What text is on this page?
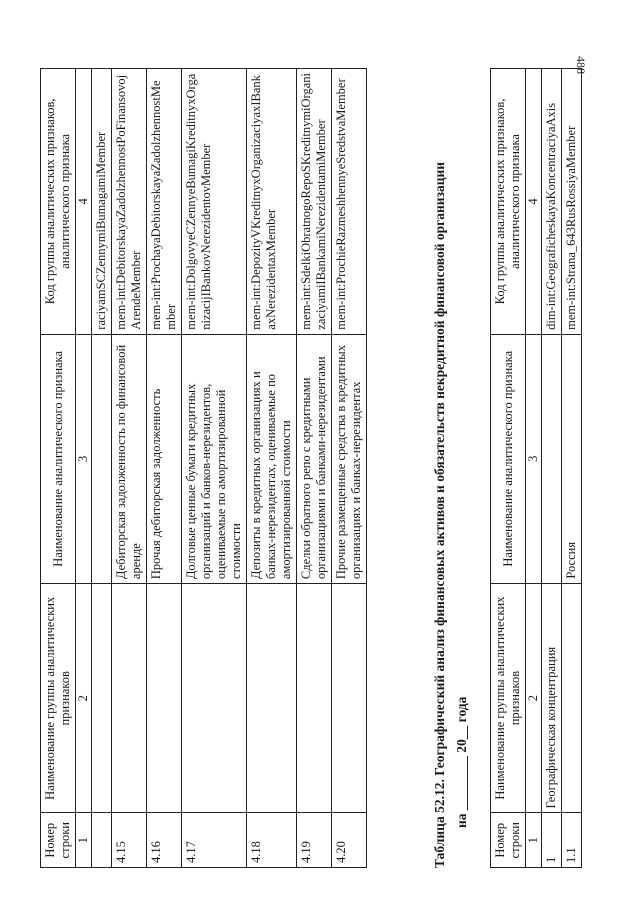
488
Номер строки	Наименование группы аналитических признаков	Наименование аналитического признака	Код группы аналитических признаков, аналитического признака
1	2	3	4
			raciyamSCZennymiBumagamiMember
4.15		Дебиторская задолженность по финансовой аренде	mem-int:DebitorskayaZadolzhennostPoFinansovojArendeMember
4.16		Прочая дебиторская задолженность	mem-int:ProchayaDebitorskayaZadolzhennostMember
4.17		Долговые ценные бумаги кредитных организаций и банков-нерезидентов, оцениваемые по амортизированной стоимости	mem-int:DolgovyeCZennyeBumagiKreditnyxOrganizacijIBankovNerezidentovMember
4.18		Депозиты в кредитных организациях и банках-нерезидентах, оцениваемые по амортизированной стоимости	mem-int:DepozityVKreditnyxOrganizaciyaxIBankaxNerezidentaxMember
4.19		Сделки обратного репо с кредитными организациями и банками-нерезидентами	mem-int:SdelkiObratnogoRepoSKreditnymiOrganizaciyamiIBankamiNerezidentamiMember
4.20		Прочие размещенные средства в кредитных организациях и банках-нерезидентах	mem-int:ProchieRazmeshhennyeSredstvaMember	Таблица 52.12. Географический анализ финансовых активов и обязательств некредитной финансовой организации на ________ 20__ года
Номер строки	Наименование группы аналитических признаков	Наименование аналитического признака	Код группы аналитических признаков, аналитического признака
1	2	3	4
1	Географическая концентрация		dim-int:GeograficheskayaKoncentraciyaAxis
1.1		Россия	mem-int:Strana_643RusRossiyaMember
